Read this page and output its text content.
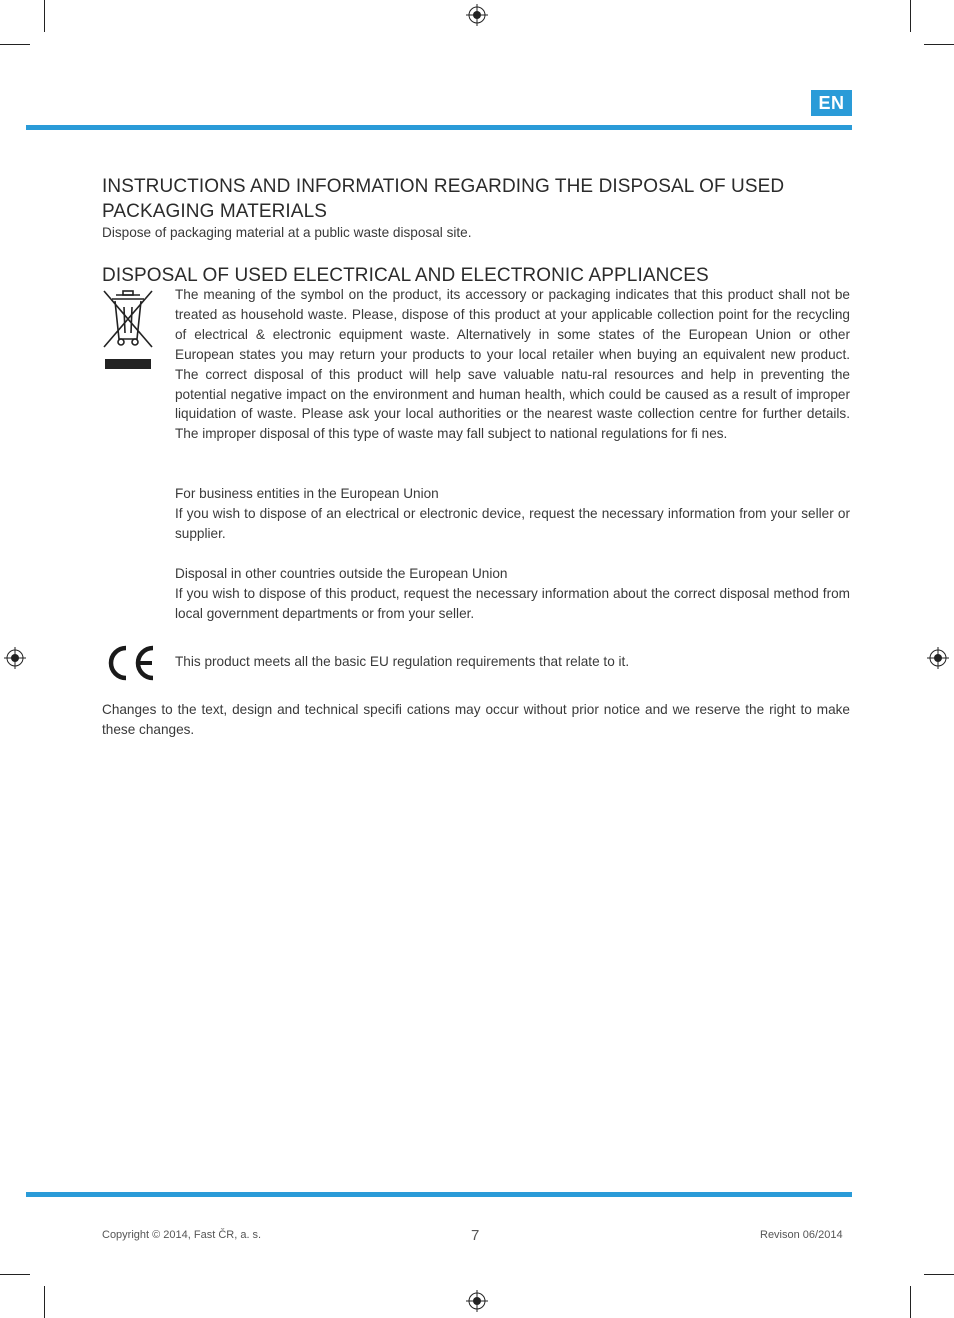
EN
INSTRUCTIONS AND INFORMATION REGARDING THE DISPOSAL OF USED PACKAGING MATERIALS

Dispose of packaging material at a public waste disposal site.

DISPOSAL OF USED ELECTRICAL AND ELECTRONIC APPLIANCES

The meaning of the symbol on the product, its accessory or packaging indicates that this product shall not be treated as household waste. Please, dispose of this product at your applicable collection point for the recycling of electrical & electronic equipment waste. Alternatively in some states of the European Union or other European states you may return your products to your local retailer when buying an equivalent new product. The correct disposal of this product will help save valuable natu-ral resources and help in preventing the potential negative impact on the environment and human health, which could be caused as a result of improper liquidation of waste. Please ask your local authorities or the nearest waste collection centre for further details. The improper disposal of this type of waste may fall subject to national regulations for fi nes.

For business entities in the European Union

If you wish to dispose of an electrical or electronic device, request the necessary information from your seller or supplier.

Disposal in other countries outside the European Union

If you wish to dispose of this product, request the necessary information about the correct disposal method from local government departments or from your seller.

This product meets all the basic EU regulation requirements that relate to it.

Changes to the text, design and technical specifi cations may occur without prior notice and we reserve the right to make these changes.

Copyright © 2014, Fast ČR, a. s.	7	Revison 06/2014
